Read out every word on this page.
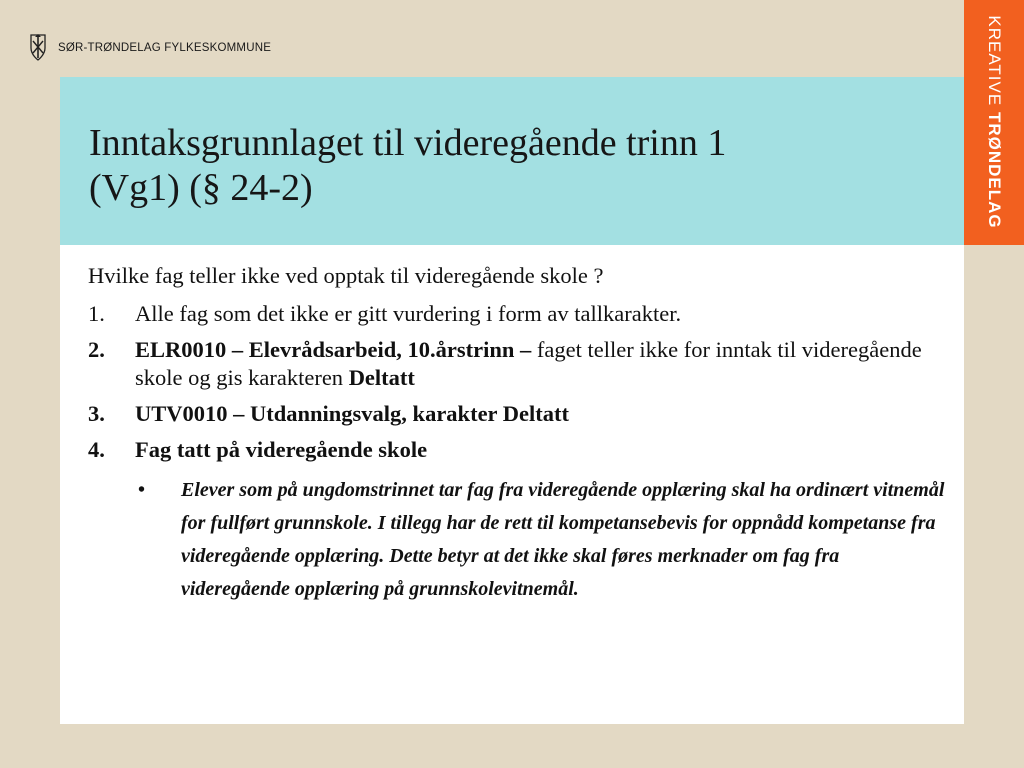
SØR-TRØNDELAG FYLKESKOMMUNE	KREATIVE TRØNDELAG
Inntaksgrunnlaget til videregående trinn 1
(Vg1) (§ 24-2)

Hvilke fag teller ikke ved opptak til videregående skole ?

1.	Alle fag som det ikke er gitt vurdering i form av tallkarakter.
2.	ELR0010 – Elevrådsarbeid, 10.årstrinn – faget teller ikke for inntak til videregående skole og gis karakteren Deltatt
3.	UTV0010 – Utdanningsvalg, karakter Deltatt
4.	Fag tatt på videregående skole
•	Elever som på ungdomstrinnet tar fag fra videregående opplæring skal ha ordinært vitnemål for fullført grunnskole. I tillegg har de rett til kompetansebevis for oppnådd kompetanse fra videregående opplæring. Dette betyr at det ikke skal føres merknader om fag fra videregående opplæring på grunnskolevitnemål.
